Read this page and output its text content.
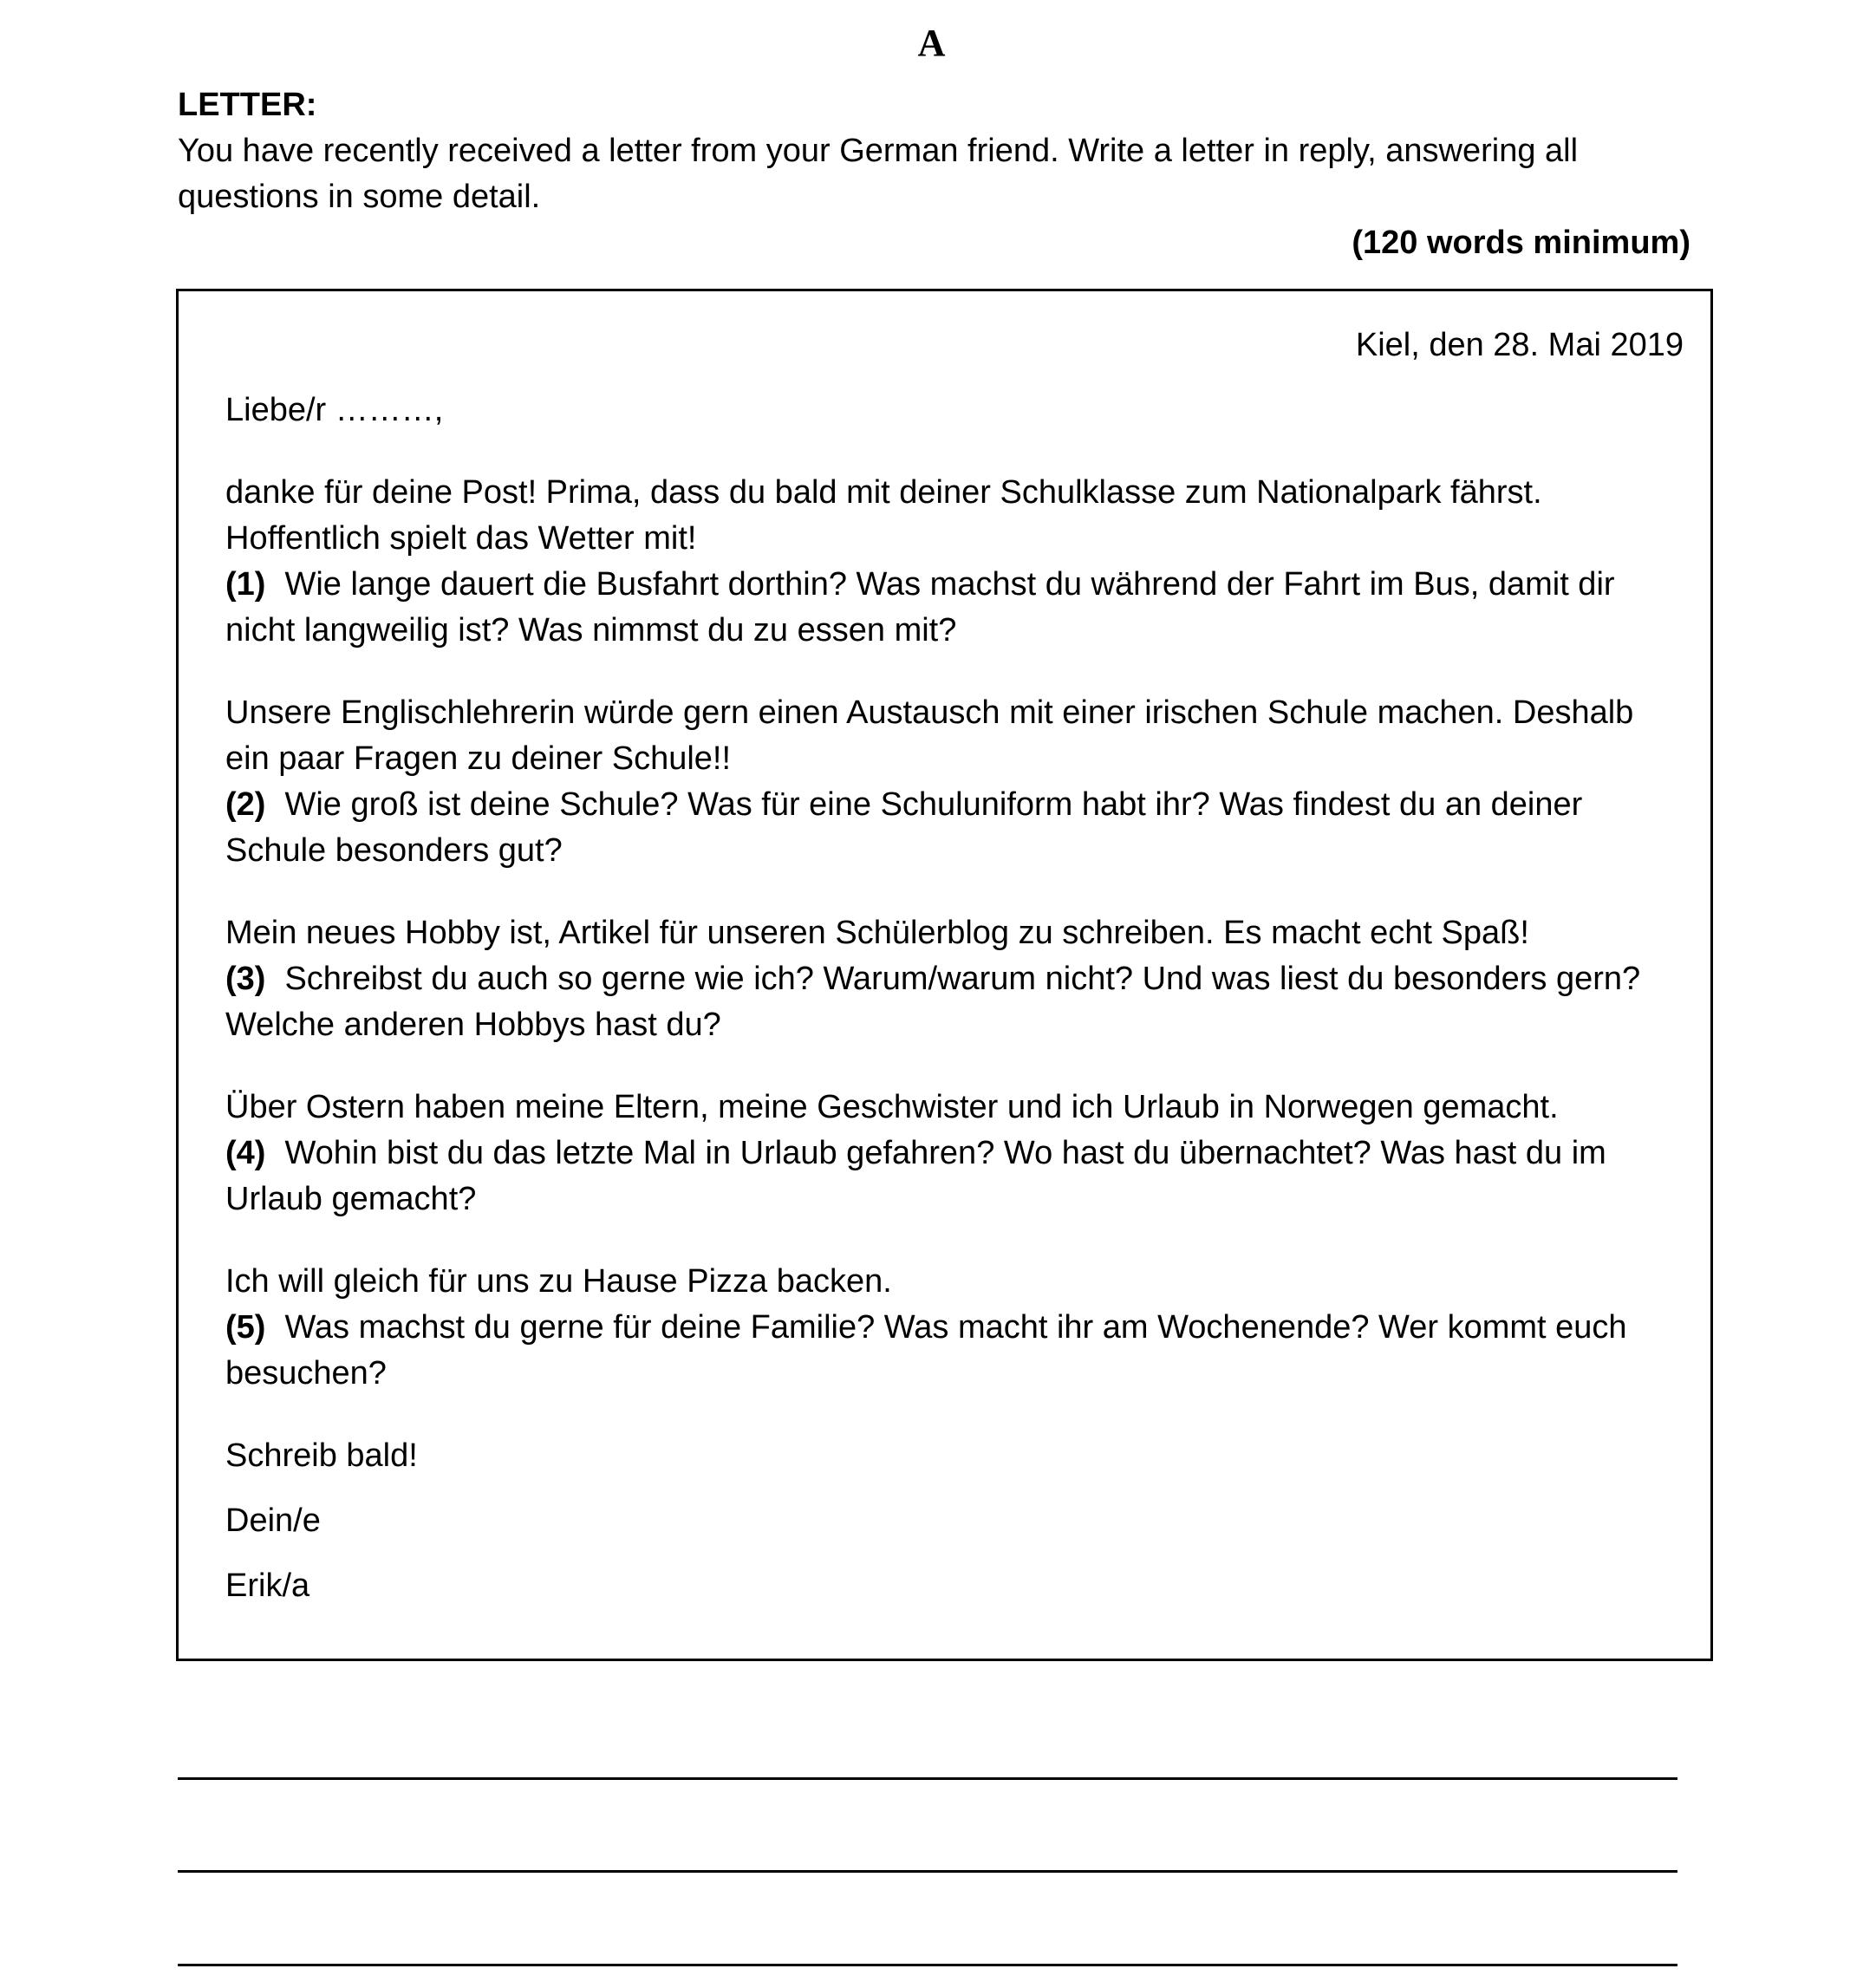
A
LETTER:
You have recently received a letter from your German friend. Write a letter in reply, answering all questions in some detail.
(120 words minimum)
Kiel, den 28. Mai 2019
Liebe/r ………,
danke für deine Post! Prima, dass du bald mit deiner Schulklasse zum Nationalpark fährst. Hoffentlich spielt das Wetter mit!
(1) Wie lange dauert die Busfahrt dorthin? Was machst du während der Fahrt im Bus, damit dir nicht langweilig ist? Was nimmst du zu essen mit?
Unsere Englischlehrerin würde gern einen Austausch mit einer irischen Schule machen. Deshalb ein paar Fragen zu deiner Schule!!
(2) Wie groß ist deine Schule? Was für eine Schuluniform habt ihr? Was findest du an deiner Schule besonders gut?
Mein neues Hobby ist, Artikel für unseren Schülerblog zu schreiben. Es macht echt Spaß!
(3) Schreibst du auch so gerne wie ich? Warum/warum nicht? Und was liest du besonders gern? Welche anderen Hobbys hast du?
Über Ostern haben meine Eltern, meine Geschwister und ich Urlaub in Norwegen gemacht.
(4) Wohin bist du das letzte Mal in Urlaub gefahren? Wo hast du übernachtet? Was hast du im Urlaub gemacht?
Ich will gleich für uns zu Hause Pizza backen.
(5) Was machst du gerne für deine Familie? Was macht ihr am Wochenende? Wer kommt euch besuchen?
Schreib bald!
Dein/e
Erik/a
